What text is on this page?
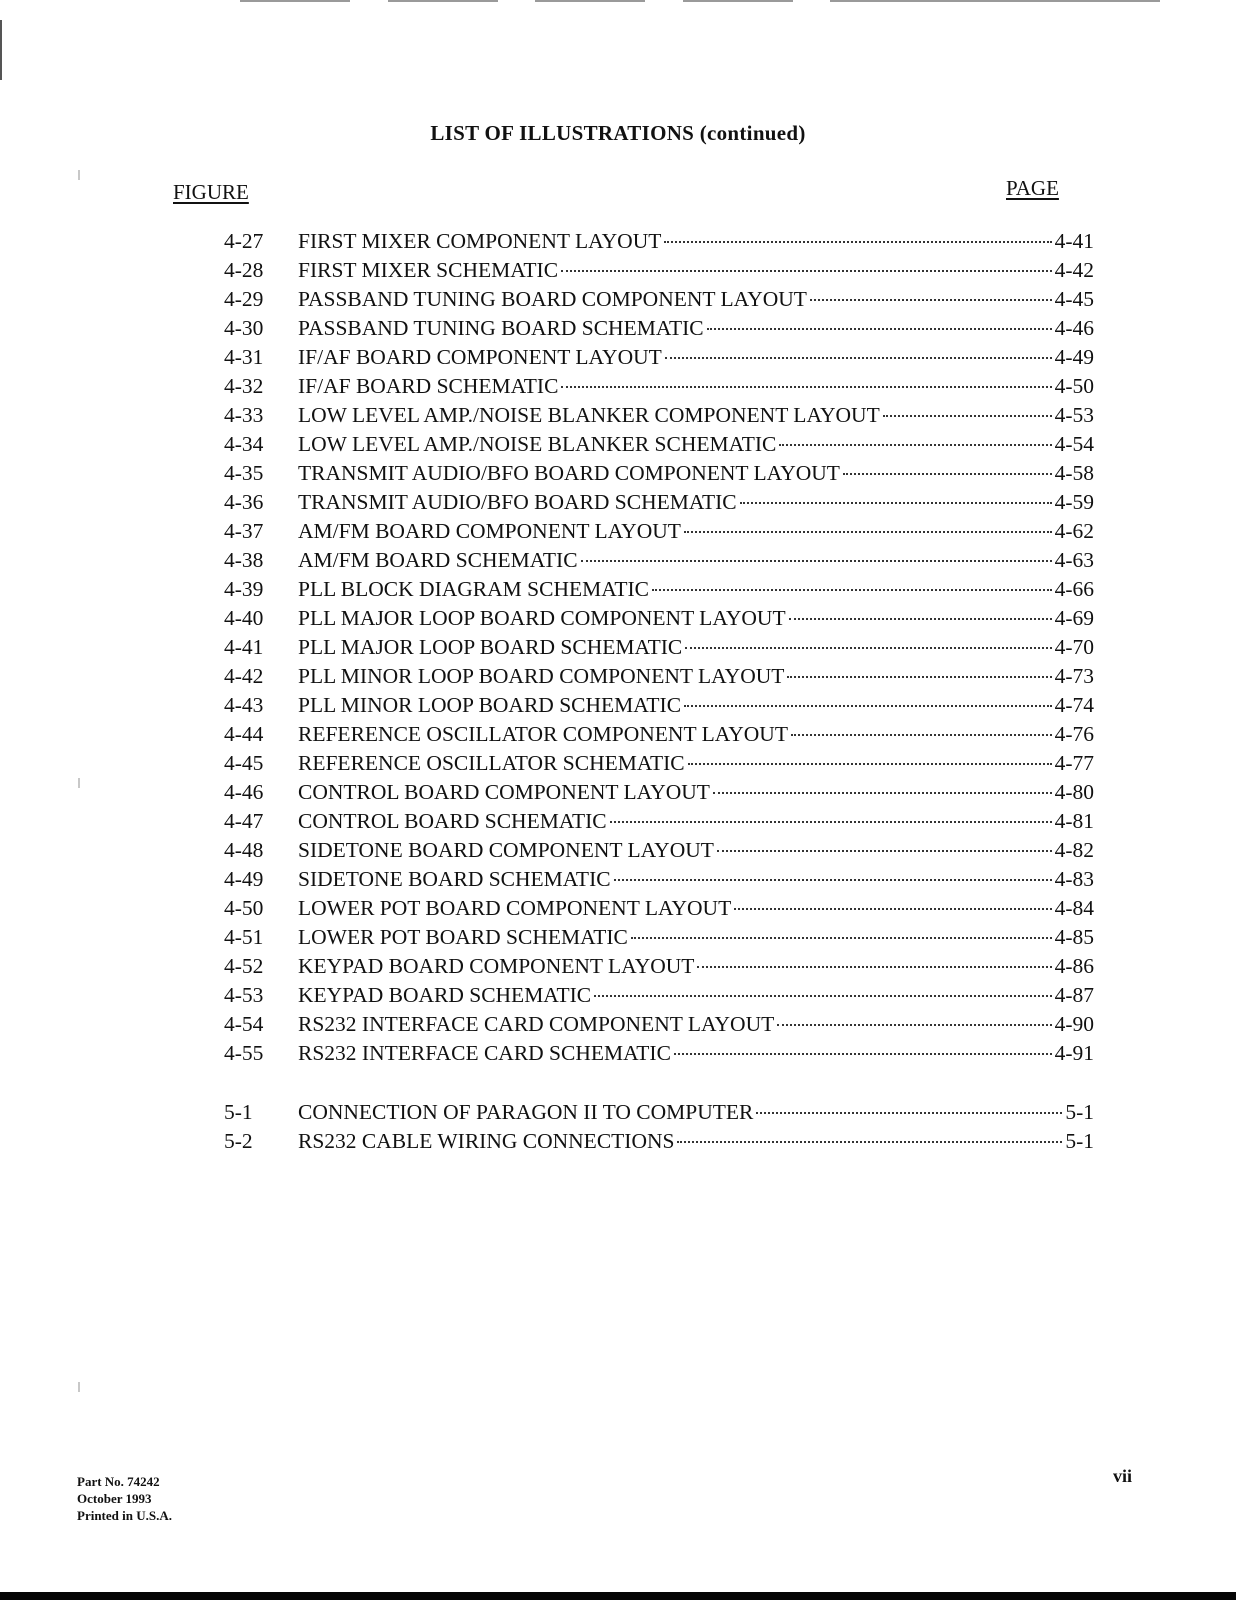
LIST OF ILLUSTRATIONS (continued)
FIGURE	PAGE
4-27	FIRST MIXER COMPONENT LAYOUT	4-41
4-28	FIRST MIXER SCHEMATIC	4-42
4-29	PASSBAND TUNING BOARD COMPONENT LAYOUT	4-45
4-30	PASSBAND TUNING BOARD SCHEMATIC	4-46
4-31	IF/AF BOARD COMPONENT LAYOUT	4-49
4-32	IF/AF BOARD SCHEMATIC	4-50
4-33	LOW LEVEL AMP./NOISE BLANKER COMPONENT LAYOUT	4-53
4-34	LOW LEVEL AMP./NOISE BLANKER SCHEMATIC	4-54
4-35	TRANSMIT AUDIO/BFO BOARD COMPONENT LAYOUT	4-58
4-36	TRANSMIT AUDIO/BFO BOARD SCHEMATIC	4-59
4-37	AM/FM BOARD COMPONENT LAYOUT	4-62
4-38	AM/FM BOARD SCHEMATIC	4-63
4-39	PLL BLOCK DIAGRAM SCHEMATIC	4-66
4-40	PLL MAJOR LOOP BOARD COMPONENT LAYOUT	4-69
4-41	PLL MAJOR LOOP BOARD SCHEMATIC	4-70
4-42	PLL MINOR LOOP BOARD COMPONENT LAYOUT	4-73
4-43	PLL MINOR LOOP BOARD SCHEMATIC	4-74
4-44	REFERENCE OSCILLATOR COMPONENT LAYOUT	4-76
4-45	REFERENCE OSCILLATOR SCHEMATIC	4-77
4-46	CONTROL BOARD COMPONENT LAYOUT	4-80
4-47	CONTROL BOARD SCHEMATIC	4-81
4-48	SIDETONE BOARD COMPONENT LAYOUT	4-82
4-49	SIDETONE BOARD SCHEMATIC	4-83
4-50	LOWER POT BOARD COMPONENT LAYOUT	4-84
4-51	LOWER POT BOARD SCHEMATIC	4-85
4-52	KEYPAD BOARD COMPONENT LAYOUT	4-86
4-53	KEYPAD BOARD SCHEMATIC	4-87
4-54	RS232 INTERFACE CARD COMPONENT LAYOUT	4-90
4-55	RS232 INTERFACE CARD SCHEMATIC	4-91
5-1	CONNECTION OF PARAGON II TO COMPUTER	5-1
5-2	RS232 CABLE WIRING CONNECTIONS	5-1
Part No. 74242
October 1993
Printed in U.S.A.
vii
